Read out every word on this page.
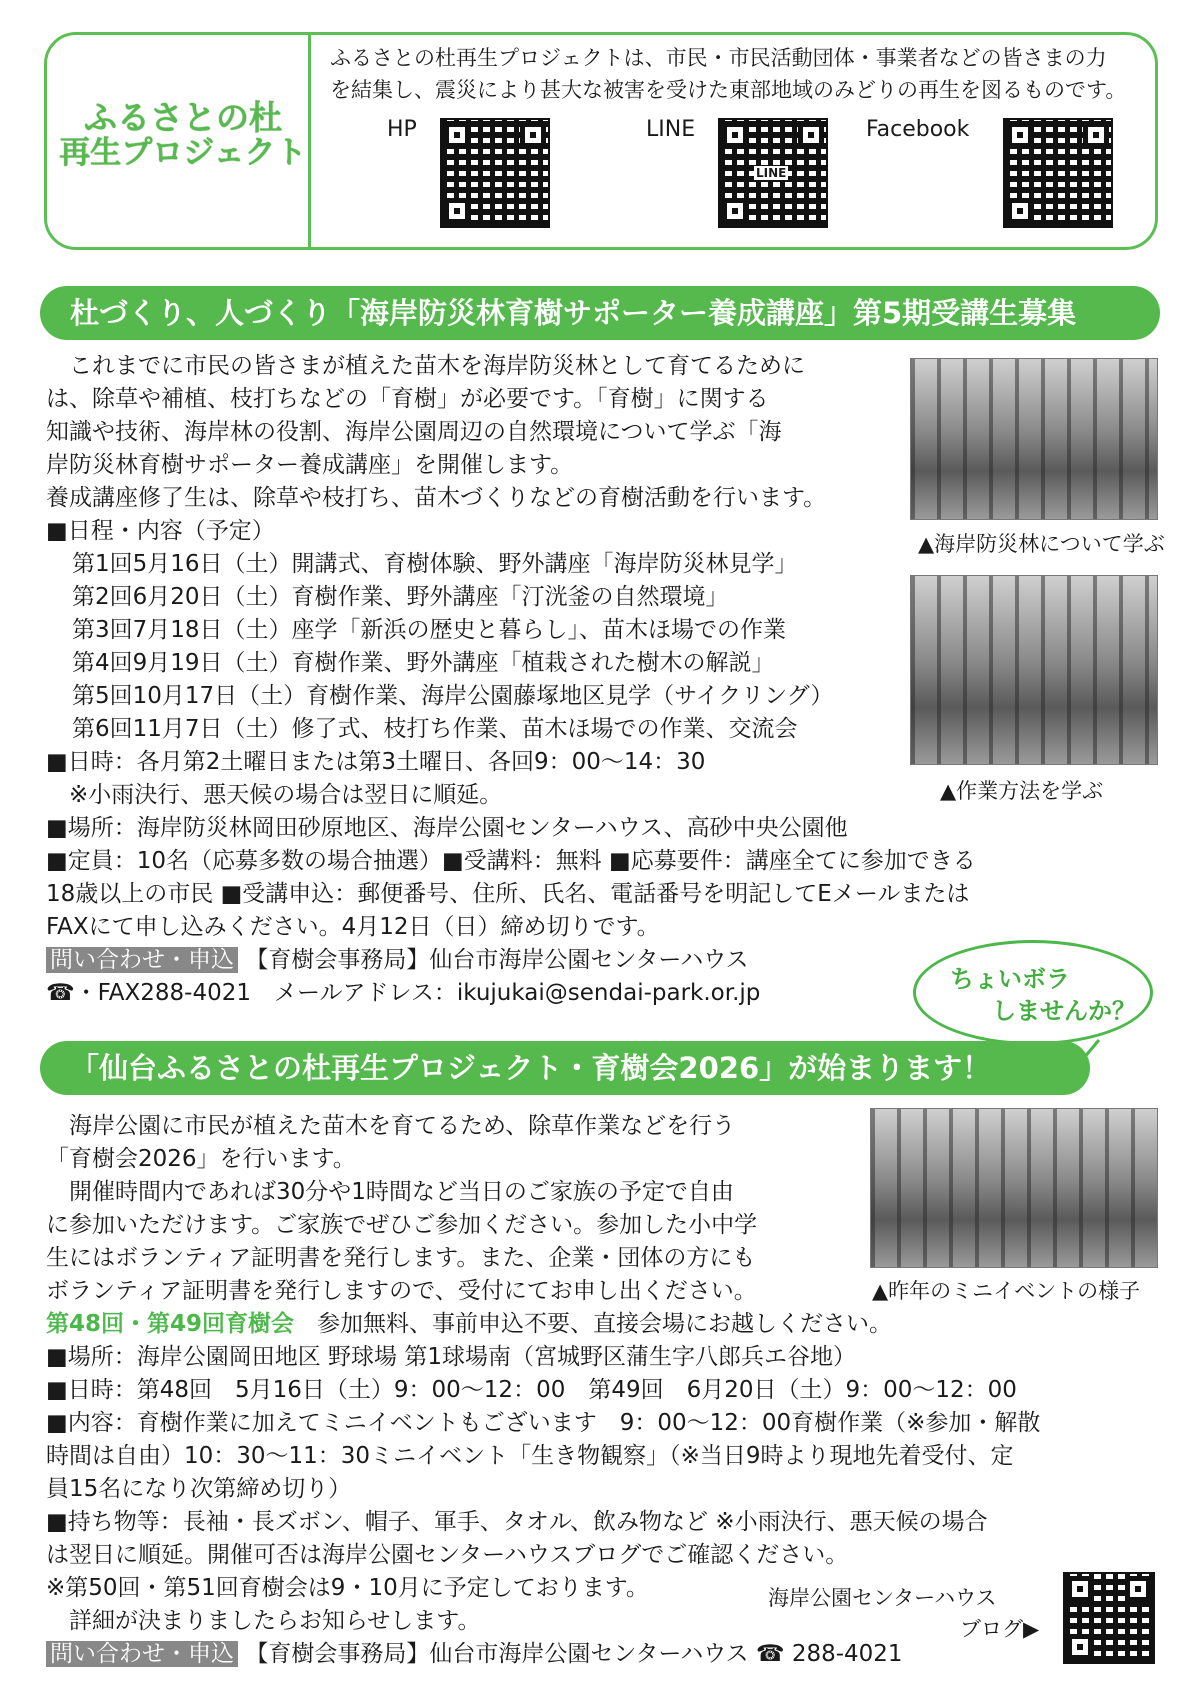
ふるさとの杜
再生プロジェクト
ふるさとの杜再生プロジェクトは、市民・市民活動団体・事業者などの皆さまの力
を結集し、震災により甚大な被害を受けた東部地域のみどりの再生を図るものです。
HP	LINE
LINE
Facebook
杜づくり、人づくり「海岸防災林育樹サポーター養成講座」第5期受講生募集
　これまでに市民の皆さまが植えた苗木を海岸防災林として育てるために
は、除草や補植、枝打ちなどの「育樹」が必要です。「育樹」に関する
知識や技術、海岸林の役割、海岸公園周辺の自然環境について学ぶ「海
岸防災林育樹サポーター養成講座」を開催します。
養成講座修了生は、除草や枝打ち、苗木づくりなどの育樹活動を行います。
■日程・内容（予定）
第1回5月16日（土）開講式、育樹体験、野外講座「海岸防災林見学」
第2回6月20日（土）育樹作業、野外講座「汀洸釜の自然環境」
第3回7月18日（土）座学「新浜の歴史と暮らし」、苗木ほ場での作業
第4回9月19日（土）育樹作業、野外講座「植栽された樹木の解説」
第5回10月17日（土）育樹作業、海岸公園藤塚地区見学（サイクリング）
第6回11月7日（土）修了式、枝打ち作業、苗木ほ場での作業、交流会
■日時：各月第2土曜日または第3土曜日、各回9：00～14：30
　※小雨決行、悪天候の場合は翌日に順延。
■場所：海岸防災林岡田砂原地区、海岸公園センターハウス、高砂中央公園他
■定員：10名（応募多数の場合抽選）■受講料：無料 ■応募要件：講座全てに参加できる
18歳以上の市民 ■受講申込：郵便番号、住所、氏名、電話番号を明記してEメールまたは
FAXにて申し込みください。4月12日（日）締め切りです。
問い合わせ・申込 【育樹会事務局】仙台市海岸公園センターハウス
☎・FAX288-4021　メールアドレス：ikujukai@sendai-park.or.jp
▲海岸防災林について学ぶ
▲作業方法を学ぶ
ちょいボラ
しませんか？
「仙台ふるさとの杜再生プロジェクト・育樹会2026」が始まります！
　海岸公園に市民が植えた苗木を育てるため、除草作業などを行う
「育樹会2026」を行います。
　開催時間内であれば30分や1時間など当日のご家族の予定で自由
に参加いただけます。ご家族でぜひご参加ください。参加した小中学
生にはボランティア証明書を発行します。また、企業・団体の方にも
ボランティア証明書を発行しますので、受付にてお申し出ください。
第48回・第49回育樹会　参加無料、事前申込不要、直接会場にお越しください。
■場所：海岸公園岡田地区 野球場 第1球場南（宮城野区蒲生字八郎兵エ谷地）
■日時：第48回　5月16日（土）9：00～12：00　第49回　6月20日（土）9：00～12：00
■内容：育樹作業に加えてミニイベントもございます　9：00～12：00育樹作業（※参加・解散
時間は自由）10：30～11：30ミニイベント「生き物観察」（※当日9時より現地先着受付、定
員15名になり次第締め切り）
■持ち物等：長袖・長ズボン、帽子、軍手、タオル、飲み物など ※小雨決行、悪天候の場合
は翌日に順延。開催可否は海岸公園センターハウスブログでご確認ください。
※第50回・第51回育樹会は9・10月に予定しております。
　詳細が決まりましたらお知らせします。
問い合わせ・申込 【育樹会事務局】仙台市海岸公園センターハウス ☎ 288-4021
▲昨年のミニイベントの様子
海岸公園センターハウス
ブログ▶
